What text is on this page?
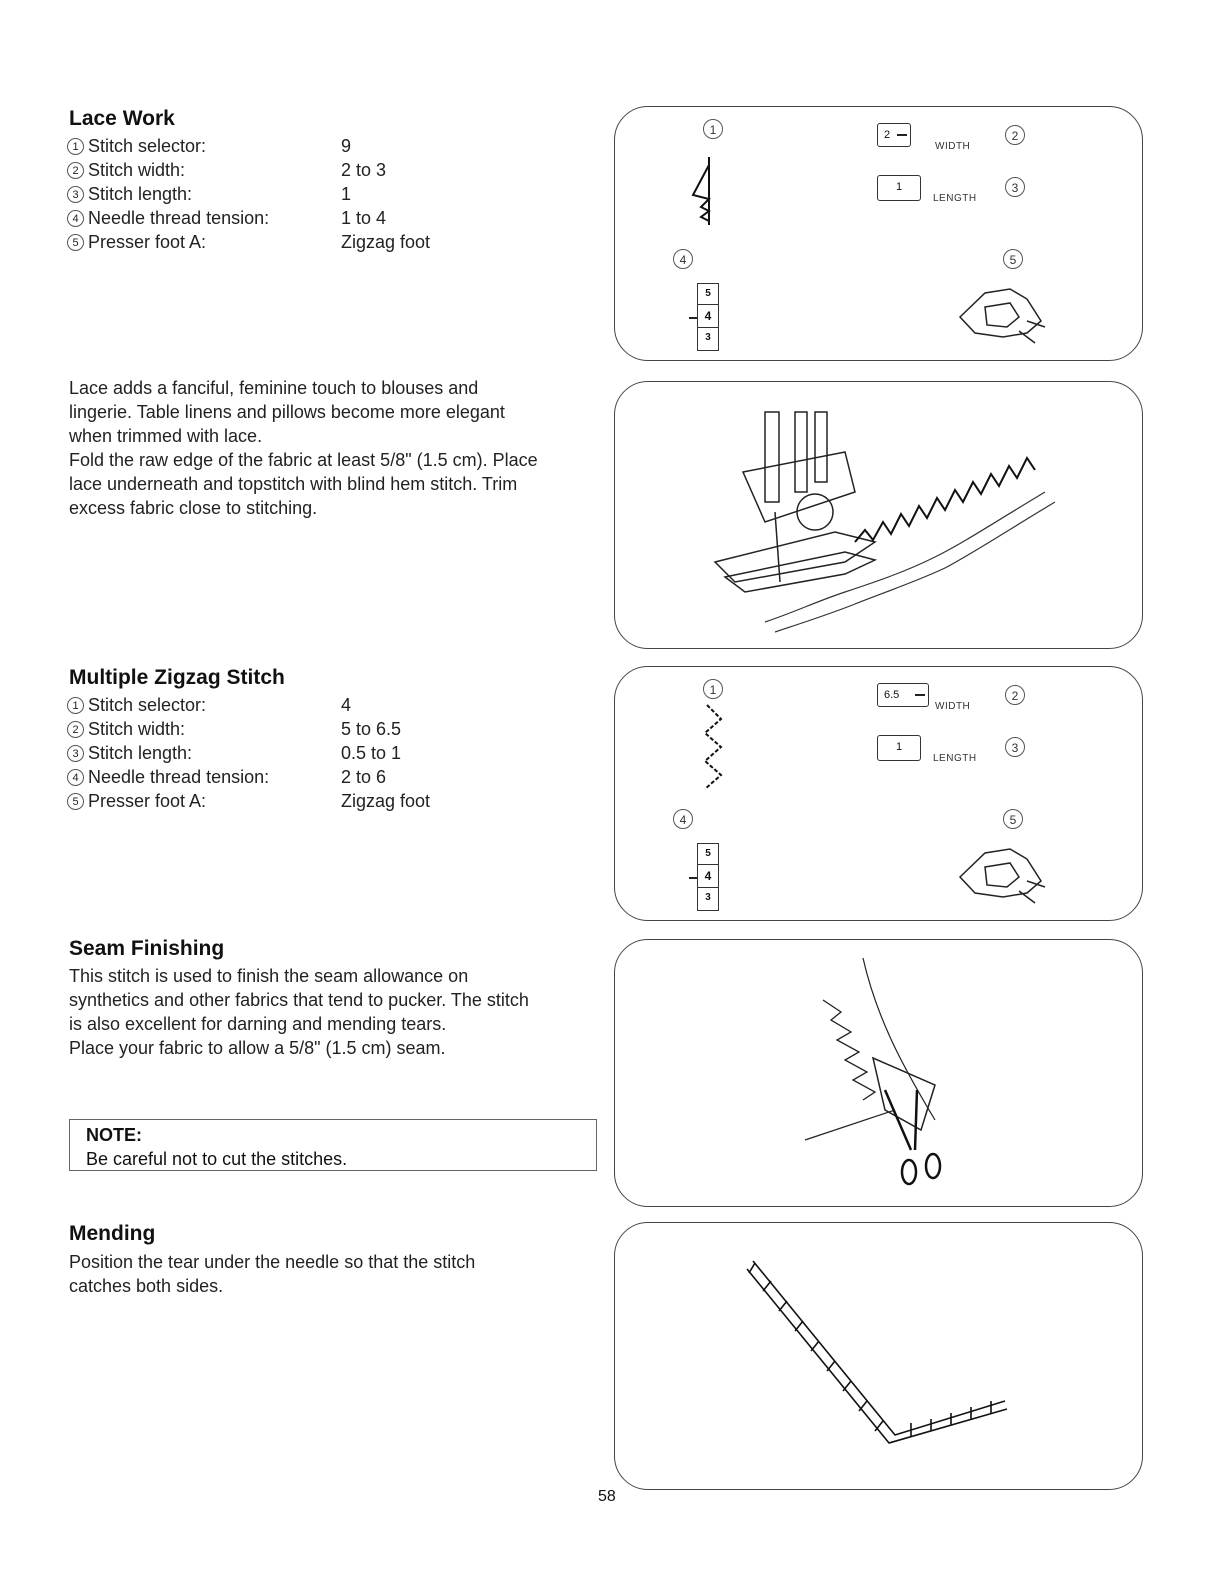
Lace Work
1 Stitch selector:	9
2 Stitch width:	2 to 3
3 Stitch length:	1
4 Needle thread tension:	1 to 4
5 Presser foot A:	Zigzag foot
Lace adds a fanciful, feminine touch to blouses and
lingerie. Table linens and pillows become more elegant
when trimmed with lace.
Fold the raw edge of the fabric at least 5/8" (1.5 cm). Place
lace underneath and topstitch with blind hem stitch. Trim
excess fabric close to stitching.
1	2
3
4	5
2
WIDTH
1
LENGTH
5
4
3
Multiple Zigzag Stitch
1 Stitch selector:	4
2 Stitch width:	5 to 6.5
3 Stitch length:	0.5 to 1
4 Needle thread tension:	2 to 6
5 Presser foot A:	Zigzag foot
1	2
3
4	5
6.5
WIDTH
1
LENGTH
5
4
3
Seam Finishing
This stitch is used to finish the seam allowance on
synthetics and other fabrics that tend to pucker. The stitch
is also excellent for darning and mending tears.
Place your fabric to allow a 5/8" (1.5 cm) seam.
NOTE:
Be careful not to cut the stitches.
Mending
Position the tear under the needle so that the stitch
catches both sides.
58
